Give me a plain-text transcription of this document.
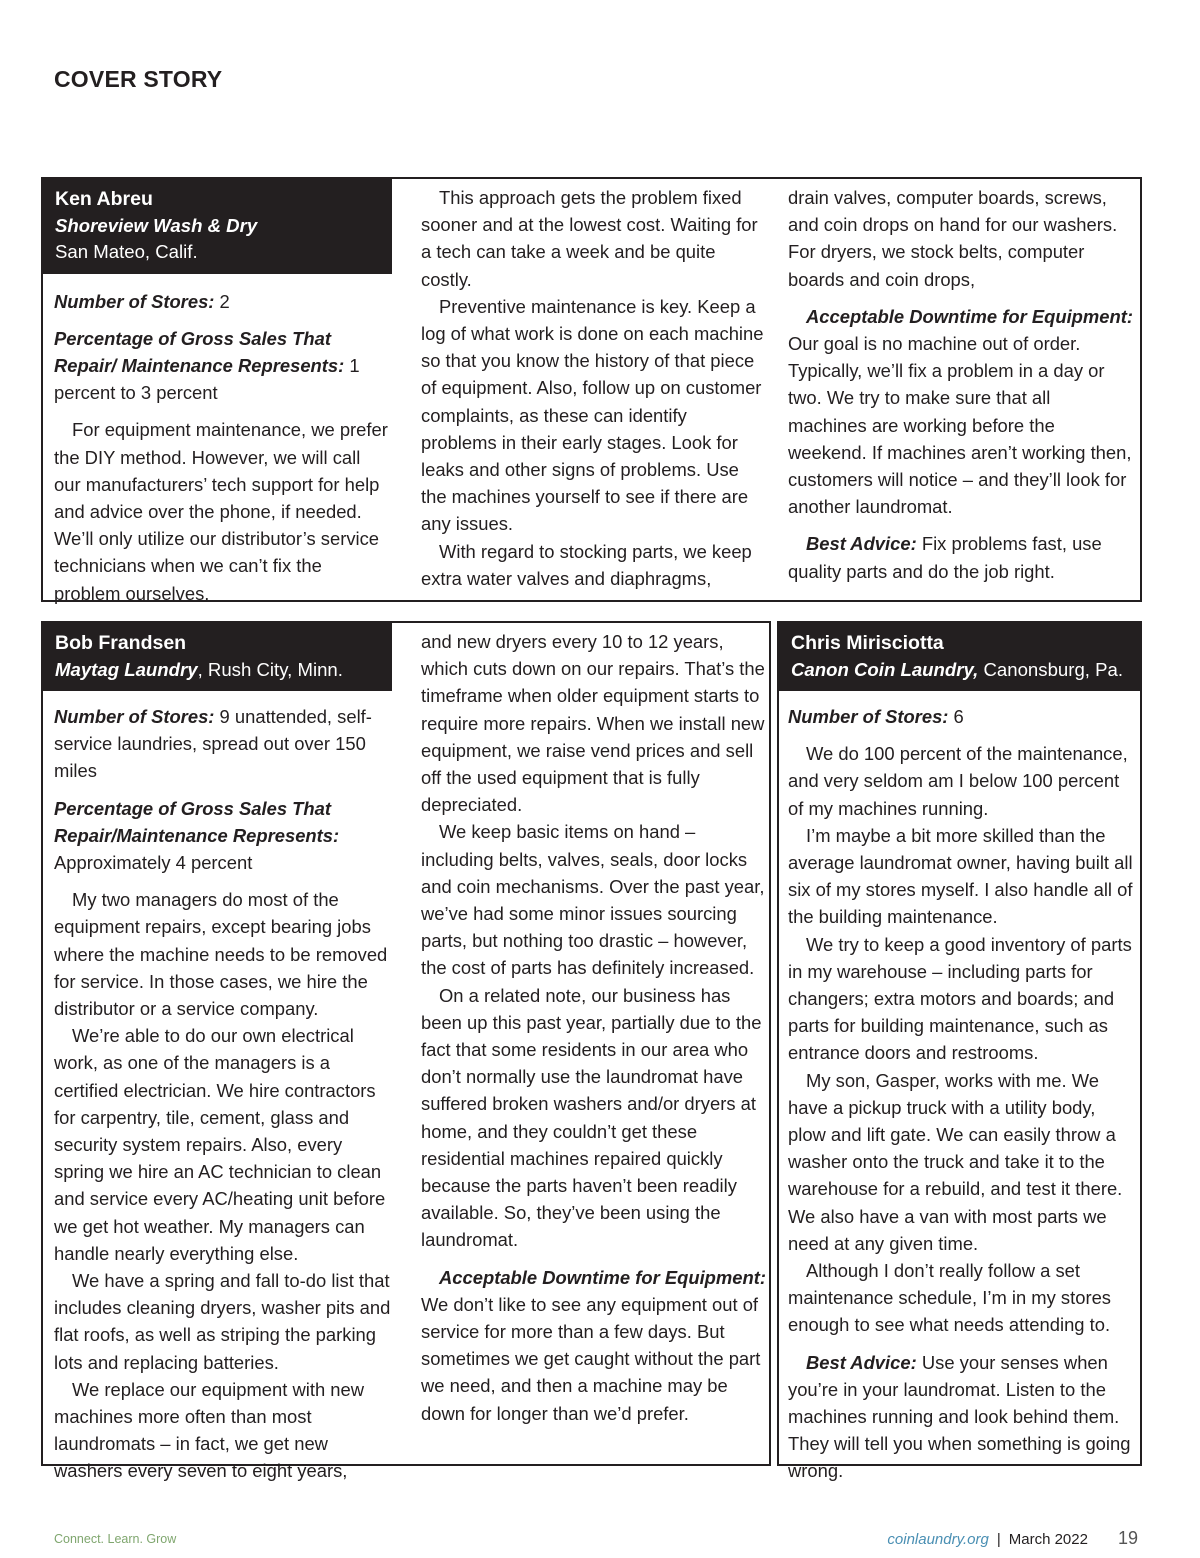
COVER STORY
Ken Abreu
Shoreview Wash & Dry
San Mateo, Calif.

Number of Stores: 2

Percentage of Gross Sales That Repair/ Maintenance Represents: 1 percent to 3 percent

For equipment maintenance, we prefer the DIY method. However, we will call our manufacturers’ tech support for help and advice over the phone, if needed. We’ll only utilize our distributor’s service technicians when we can’t fix the problem ourselves.

This approach gets the problem fixed sooner and at the lowest cost. Waiting for a tech can take a week and be quite costly.

Preventive maintenance is key. Keep a log of what work is done on each machine so that you know the history of that piece of equipment. Also, follow up on customer complaints, as these can identify problems in their early stages. Look for leaks and other signs of problems. Use the machines yourself to see if there are any issues.

With regard to stocking parts, we keep extra water valves and diaphragms,

drain valves, computer boards, screws, and coin drops on hand for our washers. For dryers, we stock belts, computer boards and coin drops,

Acceptable Downtime for Equipment: Our goal is no machine out of order. Typically, we’ll fix a problem in a day or two. We try to make sure that all machines are working before the weekend. If machines aren’t working then, customers will notice – and they’ll look for another laundromat.

Best Advice: Fix problems fast, use quality parts and do the job right.

Bob Frandsen
Maytag Laundry, Rush City, Minn.

Number of Stores: 9 unattended, self-service laundries, spread out over 150 miles

Percentage of Gross Sales That Repair/Maintenance Represents: Approximately 4 percent

My two managers do most of the equipment repairs, except bearing jobs where the machine needs to be removed for service. In those cases, we hire the distributor or a service company.

We’re able to do our own electrical work, as one of the managers is a certified electrician. We hire contractors for carpentry, tile, cement, glass and security system repairs. Also, every spring we hire an AC technician to clean and service every AC/heating unit before we get hot weather. My managers can handle nearly everything else.

We have a spring and fall to-do list that includes cleaning dryers, washer pits and flat roofs, as well as striping the parking lots and replacing batteries.

We replace our equipment with new machines more often than most laundromats – in fact, we get new washers every seven to eight years,

and new dryers every 10 to 12 years, which cuts down on our repairs. That’s the timeframe when older equipment starts to require more repairs. When we install new equipment, we raise vend prices and sell off the used equipment that is fully depreciated.

We keep basic items on hand – including belts, valves, seals, door locks and coin mechanisms. Over the past year, we’ve had some minor issues sourcing parts, but nothing too drastic – however, the cost of parts has definitely increased.

On a related note, our business has been up this past year, partially due to the fact that some residents in our area who don’t normally use the laundromat have suffered broken washers and/or dryers at home, and they couldn’t get these residential machines repaired quickly because the parts haven’t been readily available. So, they’ve been using the laundromat.

Acceptable Downtime for Equipment: We don’t like to see any equipment out of service for more than a few days. But sometimes we get caught without the part we need, and then a machine may be down for longer than we’d prefer.

Chris Mirisciotta
Canon Coin Laundry, Canonsburg, Pa.

Number of Stores: 6

We do 100 percent of the maintenance, and very seldom am I below 100 percent of my machines running.

I’m maybe a bit more skilled than the average laundromat owner, having built all six of my stores myself. I also handle all of the building maintenance.

We try to keep a good inventory of parts in my warehouse – including parts for changers; extra motors and boards; and parts for building maintenance, such as entrance doors and restrooms.

My son, Gasper, works with me. We have a pickup truck with a utility body, plow and lift gate. We can easily throw a washer onto the truck and take it to the warehouse for a rebuild, and test it there. We also have a van with most parts we need at any given time.

Although I don’t really follow a set maintenance schedule, I’m in my stores enough to see what needs attending to.

Best Advice: Use your senses when you’re in your laundromat. Listen to the machines running and look behind them. They will tell you when something is going wrong.

Connect. Learn. Grow	coinlaundry.org | March 2022 19
